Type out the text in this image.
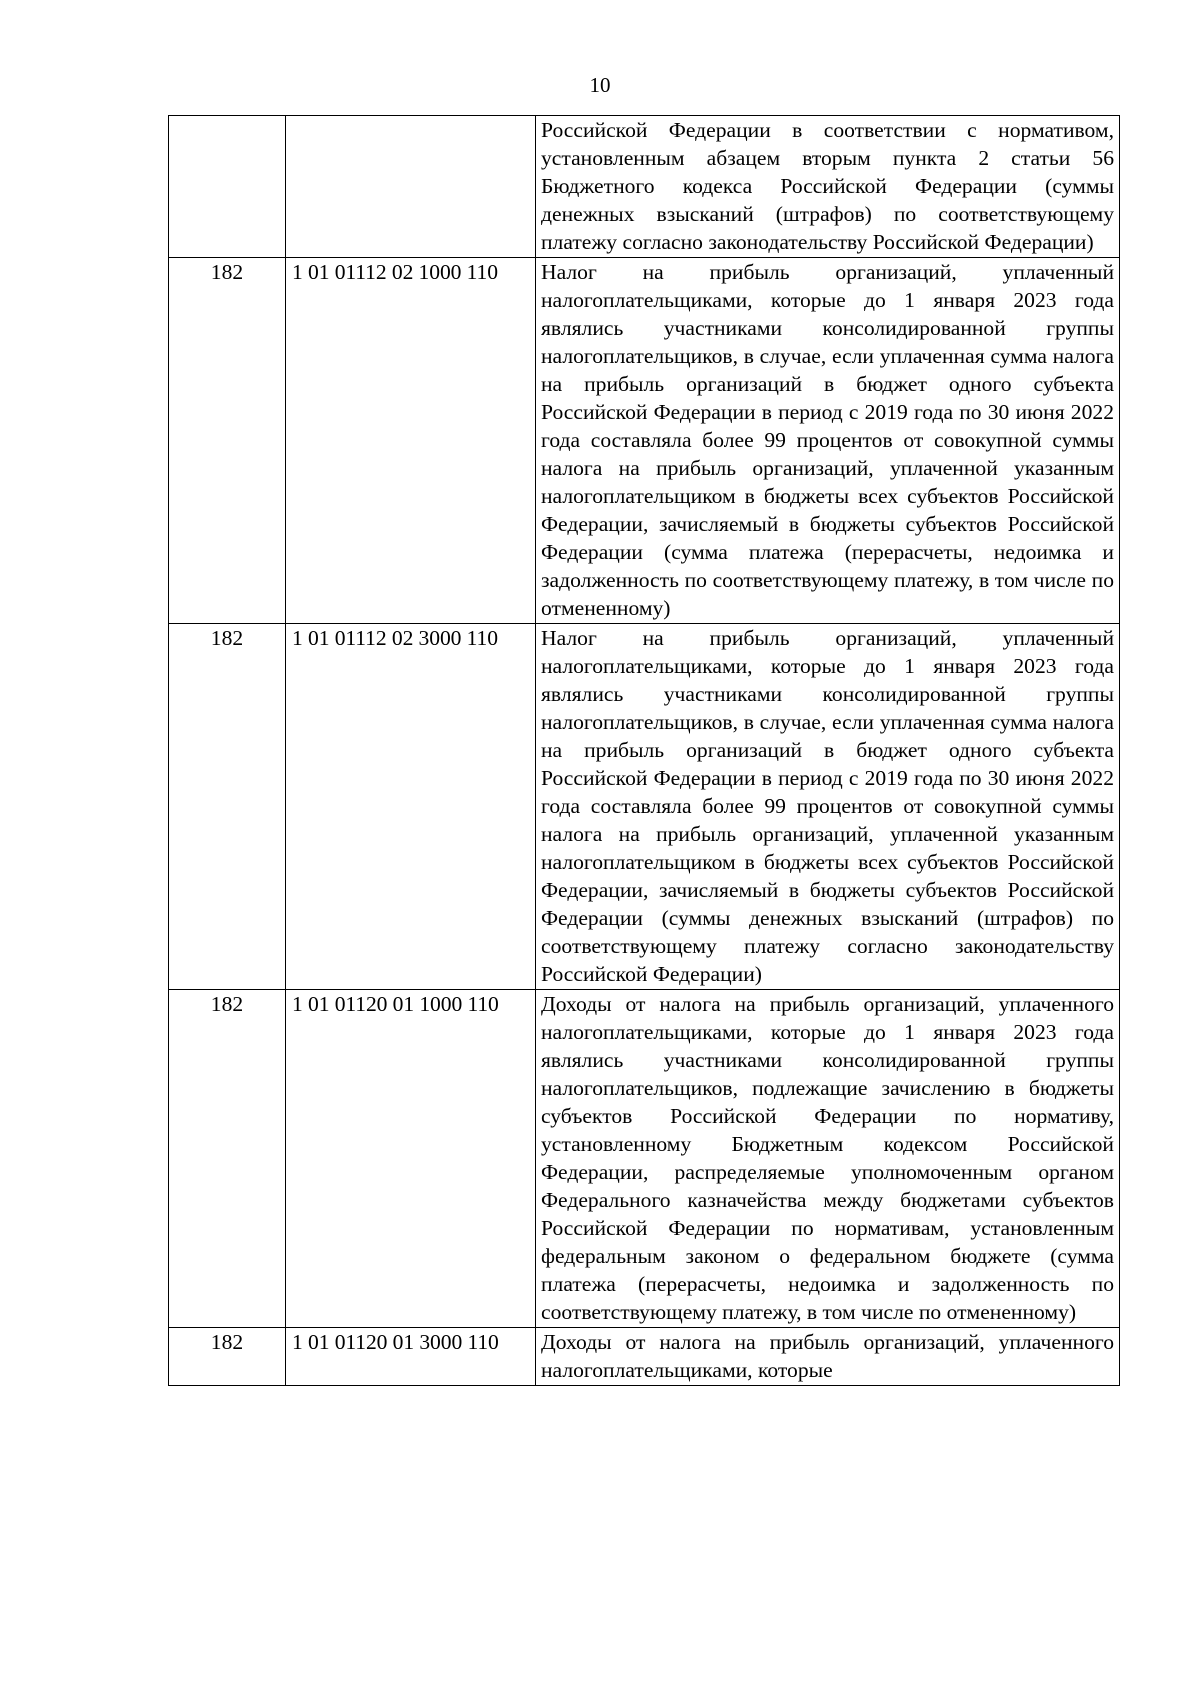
10
		Российской Федерации в соответствии с нормативом, установленным абзацем вторым пункта 2 статьи 56 Бюджетного кодекса Российской Федерации (суммы денежных взысканий (штрафов) по соответствующему платежу согласно законодательству Российской Федерации)
182	1 01 01112 02 1000 110	Налог на прибыль организаций, уплаченный налогоплательщиками, которые до 1 января 2023 года являлись участниками консолидированной группы налогоплательщиков, в случае, если уплаченная сумма налога на прибыль организаций в бюджет одного субъекта Российской Федерации в период с 2019 года по 30 июня 2022 года составляла более 99 процентов от совокупной суммы налога на прибыль организаций, уплаченной указанным налогоплательщиком в бюджеты всех субъектов Российской Федерации, зачисляемый в бюджеты субъектов Российской Федерации (сумма платежа (перерасчеты, недоимка и задолженность по соответствующему платежу, в том числе по отмененному)
182	1 01 01112 02 3000 110	Налог на прибыль организаций, уплаченный налогоплательщиками, которые до 1 января 2023 года являлись участниками консолидированной группы налогоплательщиков, в случае, если уплаченная сумма налога на прибыль организаций в бюджет одного субъекта Российской Федерации в период с 2019 года по 30 июня 2022 года составляла более 99 процентов от совокупной суммы налога на прибыль организаций, уплаченной указанным налогоплательщиком в бюджеты всех субъектов Российской Федерации, зачисляемый в бюджеты субъектов Российской Федерации (суммы денежных взысканий (штрафов) по соответствующему платежу согласно законодательству Российской Федерации)
182	1 01 01120 01 1000 110	Доходы от налога на прибыль организаций, уплаченного налогоплательщиками, которые до 1 января 2023 года являлись участниками консолидированной группы налогоплательщиков, подлежащие зачислению в бюджеты субъектов Российской Федерации по нормативу, установленному Бюджетным кодексом Российской Федерации, распределяемые уполномоченным органом Федерального казначейства между бюджетами субъектов Российской Федерации по нормативам, установленным федеральным законом о федеральном бюджете (сумма платежа (перерасчеты, недоимка и задолженность по соответствующему платежу, в том числе по отмененному)
182	1 01 01120 01 3000 110	Доходы от налога на прибыль организаций, уплаченного налогоплательщиками, которые
